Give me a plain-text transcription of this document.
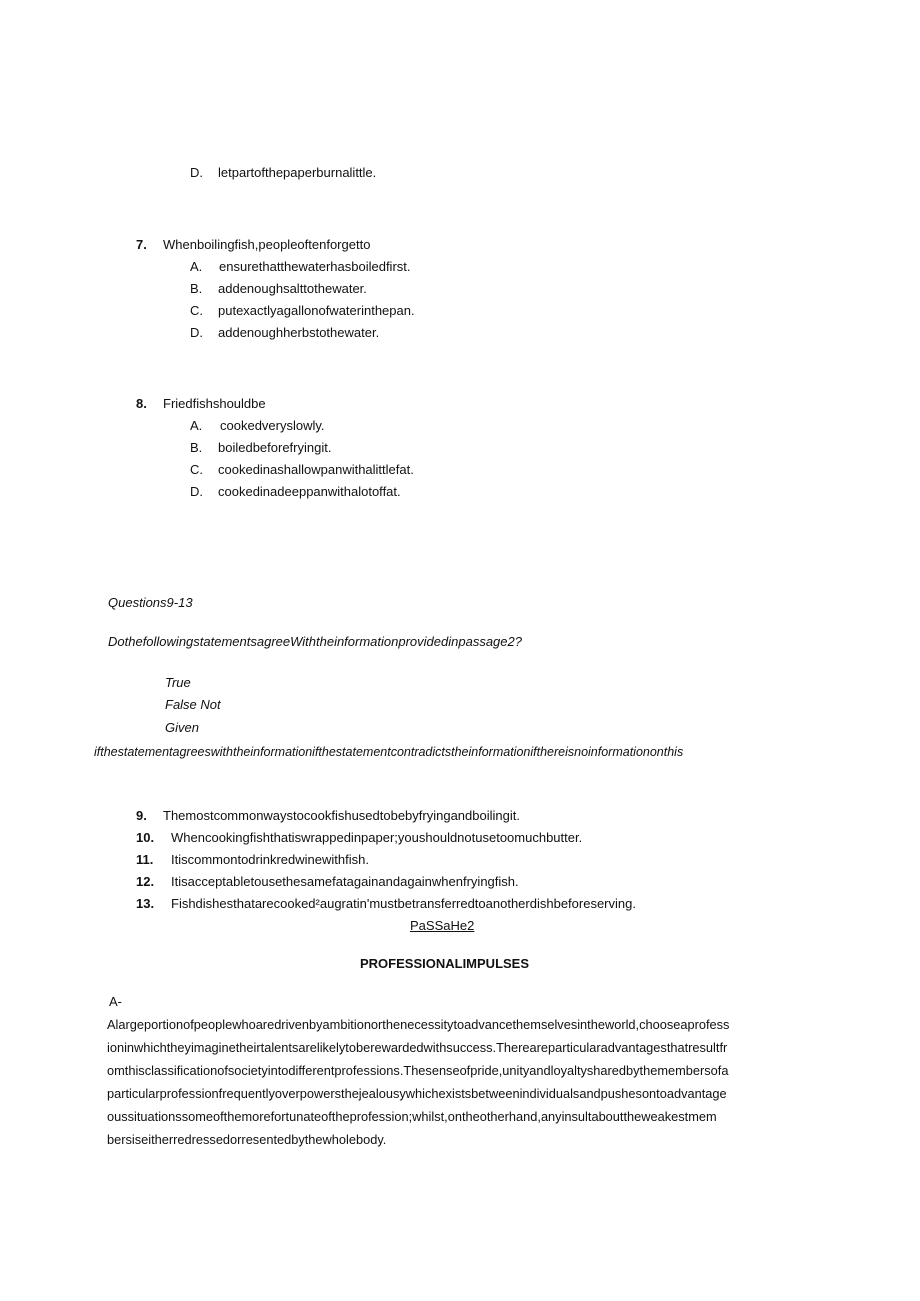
D. letpartofthepaperburnalittle.
7. Whenboilingfish,peopleoftenforgetto
A. ensurethatthewaterhasboiledfirst.
B. addenoughsalttothewater.
C. putexactlyagallonofwaterinthepan.
D. addenoughherbstothewater.
8. Friedfishshouldbe
A. cookedveryslowly.
B. boiledbeforefryingit.
C. cookedinashallowpanwithalittlefat.
D. cookedinadeeppanwithalotoffat.
Questions9-13
DothefollowingstatementsagreeWiththeinformationprovidedinpassage2?
True
False Not
Given
ifthestatementagreeswiththeinformationifthestatementcontradictstheinformationifthereisnoinformationonthis
9. Themostcommonwaystocookfishusedtobebyfryingandboilingit.
10. Whencookingfishthatiswrappedinpaper;youshouldnotusetoomuchbutter.
11. Itiscommontodrinkredwinewithfish.
12. Itisacceptabletousethesamefatagainandagainwhenfryingfish.
13. Fishdishesthatarecooked²augratin'mustbetransferredtoanotherdishbeforeserving.
PaSSaHe2
PROFESSIONALIMPULSES
A-
Alargeportionofpeoplewhoaredrivenbyambitionorthenecessitytoadvancethemselvesintheworld,chooseaprofess
ioninwhichtheyimaginetheirtalentsarelikelytoberewardedwithsuccess.Thereareparticularadvantagesthatresultfr
omthisclassificationofsocietyintodifferentprofessions.Thesenseofpride,unityandloyaltysharedbythemembersofa
particularprofessionfrequentlyoverpowersthejealousywhichexistsbetweenindividualsandpushesontoadvantage
oussituationssomeofthemorefortunateoftheprofession;whilst,ontheotherhand,anyinsultabouttheweakestmem
bersiseitherredressedorresentedbythewholebody.
